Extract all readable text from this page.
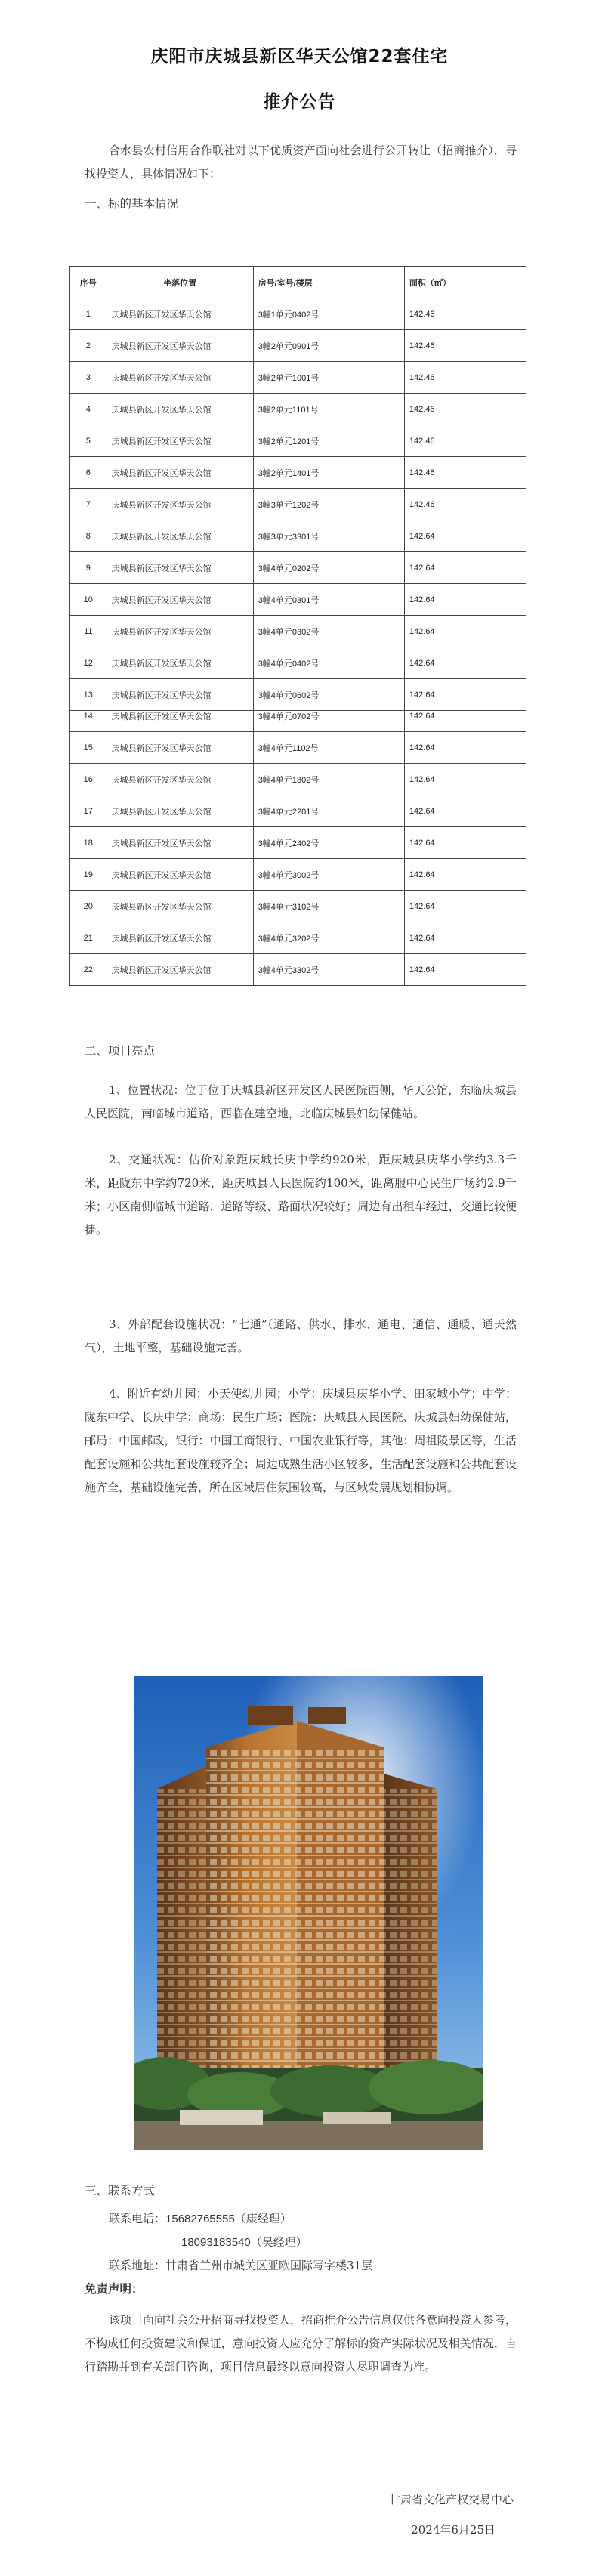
庆阳市庆城县新区华天公馆22套住宅
推介公告
合水县农村信用合作联社对以下优质资产面向社会进行公开转让（招商推介），寻找投资人，具体情况如下：
一、标的基本情况
序号	坐落位置	房号/室号/楼层	面积（㎡）
1	庆城县新区开发区华天公馆	3幢1单元0402号	142.46
2	庆城县新区开发区华天公馆	3幢2单元0901号	142.46
3	庆城县新区开发区华天公馆	3幢2单元1001号	142.46
4	庆城县新区开发区华天公馆	3幢2单元1101号	142.46
5	庆城县新区开发区华天公馆	3幢2单元1201号	142.46
6	庆城县新区开发区华天公馆	3幢2单元1401号	142.46
7	庆城县新区开发区华天公馆	3幢3单元1202号	142.46
8	庆城县新区开发区华天公馆	3幢3单元3301号	142.64
9	庆城县新区开发区华天公馆	3幢4单元0202号	142.64
10	庆城县新区开发区华天公馆	3幢4单元0301号	142.64
11	庆城县新区开发区华天公馆	3幢4单元0302号	142.64
12	庆城县新区开发区华天公馆	3幢4单元0402号	142.64
13	庆城县新区开发区华天公馆	3幢4单元0602号	142.64
14	庆城县新区开发区华天公馆	3幢4单元0702号	142.64
15	庆城县新区开发区华天公馆	3幢4单元1102号	142.64
16	庆城县新区开发区华天公馆	3幢4单元1802号	142.64
17	庆城县新区开发区华天公馆	3幢4单元2201号	142.64
18	庆城县新区开发区华天公馆	3幢4单元2402号	142.64
19	庆城县新区开发区华天公馆	3幢4单元3002号	142.64
20	庆城县新区开发区华天公馆	3幢4单元3102号	142.64
21	庆城县新区开发区华天公馆	3幢4单元3202号	142.64
22	庆城县新区开发区华天公馆	3幢4单元3302号	142.64
二、项目亮点
1、位置状况：位于位于庆城县新区开发区人民医院西侧，华天公馆，东临庆城县人民医院，南临城市道路，西临在建空地，北临庆城县妇幼保健站。
2、交通状况：估价对象距庆城长庆中学约920米，距庆城县庆华小学约3.3千米，距陇东中学约720米，距庆城县人民医院约100米，距离服中心民生广场约2.9千米；小区南侧临城市道路，道路等级、路面状况较好；周边有出租车经过，交通比较便捷。
3、外部配套设施状况：“七通”（通路、供水、排水、通电、通信、通暖、通天然气），土地平整，基础设施完善。
4、附近有幼儿园：小天使幼儿园；小学：庆城县庆华小学、田家城小学；中学：陇东中学、长庆中学；商场：民生广场；医院：庆城县人民医院、庆城县妇幼保健站，邮局：中国邮政，银行：中国工商银行、中国农业银行等，其他：周祖陵景区等，生活配套设施和公共配套设施较齐全；周边成熟生活小区较多，生活配套设施和公共配套设施齐全，基础设施完善，所在区域居住氛围较高，与区域发展规划相协调。
三、联系方式
联系电话：15682765555（康经理）
18093183540（吴经理）
联系地址：甘肃省兰州市城关区亚欧国际写字楼31层
免责声明：
该项目面向社会公开招商寻找投资人，招商推介公告信息仅供各意向投资人参考，不构成任何投资建议和保证，意向投资人应充分了解标的资产实际状况及相关情况，自行踏勘并到有关部门咨询，项目信息最终以意向投资人尽职调查为准。
甘肃省文化产权交易中心
2024年6月25日
